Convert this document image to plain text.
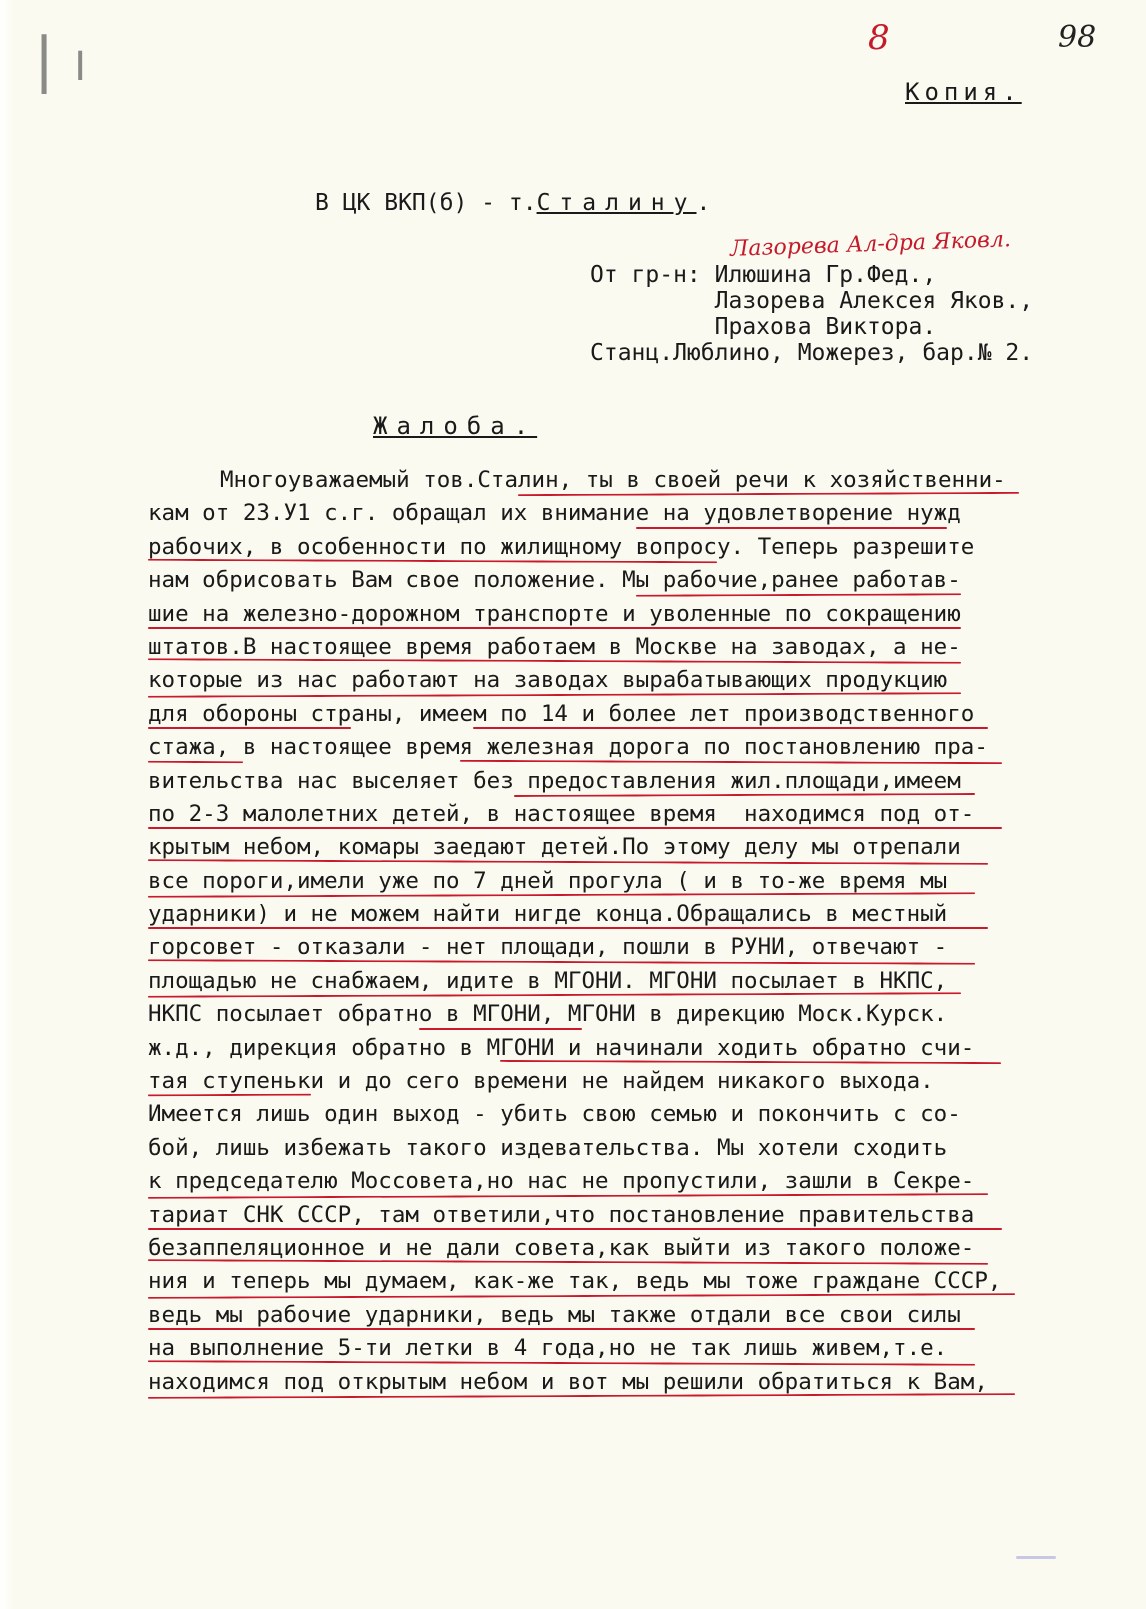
|ǀ
8	98
Копия.
В ЦК ВКП(б) - т.Сталину.
Лазорева Ал-дра Яковл.
От гр-н: Илюшина Гр.Фед.,
Лазорева Алексея Яков.,
Прахова Виктора.
Станц.Люблино, Можерез, бар.№ 2.
Жалоба.
Многоуважаемый тов.Сталин, ты в своей речи к хозяйственни-
кам от 23.У1 с.г. обращал их внимание на удовлетворение нужд
рабочих, в особенности по жилищному вопросу. Теперь разрешите
нам обрисовать Вам свое положение. Мы рабочие,ранее работав-
шие на железно-дорожном транспорте и уволенные по сокращению
штатов.В настоящее время работаем в Москве на заводах, а не-
которые из нас работают на заводах вырабатывающих продукцию
для обороны страны, имеем по 14 и более лет производственного
стажа, в настоящее время железная дорога по постановлению пра-
вительства нас выселяет без предоставления жил.площади,имеем
по 2-3 малолетних детей, в настоящее время  находимся под от-
крытым небом, комары заедают детей.По этому делу мы отрепали
все пороги,имели уже по 7 дней прогула ( и в то-же время мы
ударники) и не можем найти нигде конца.Обращались в местный
горсовет - отказали - нет площади, пошли в РУНИ, отвечают -
площадью не снабжаем, идите в МГОНИ. МГОНИ посылает в НКПС,
НКПС посылает обратно в МГОНИ, МГОНИ в дирекцию Моск.Курск.
ж.д., дирекция обратно в МГОНИ и начинали ходить обратно счи-
тая ступеньки и до сего времени не найдем никакого выхода.
Имеется лишь один выход - убить свою семью и покончить с со-
бой, лишь избежать такого издевательства. Мы хотели сходить
к председателю Моссовета,но нас не пропустили, зашли в Секре-
тариат СНК СССР, там ответили,что постановление правительства
безаппеляционное и не дали совета,как выйти из такого положе-
ния и теперь мы думаем, как-же так, ведь мы тоже граждане СССР,
ведь мы рабочие ударники, ведь мы также отдали все свои силы
на выполнение 5-ти летки в 4 года,но не так лишь живем,т.е.
находимся под открытым небом и вот мы решили обратиться к Вам,
